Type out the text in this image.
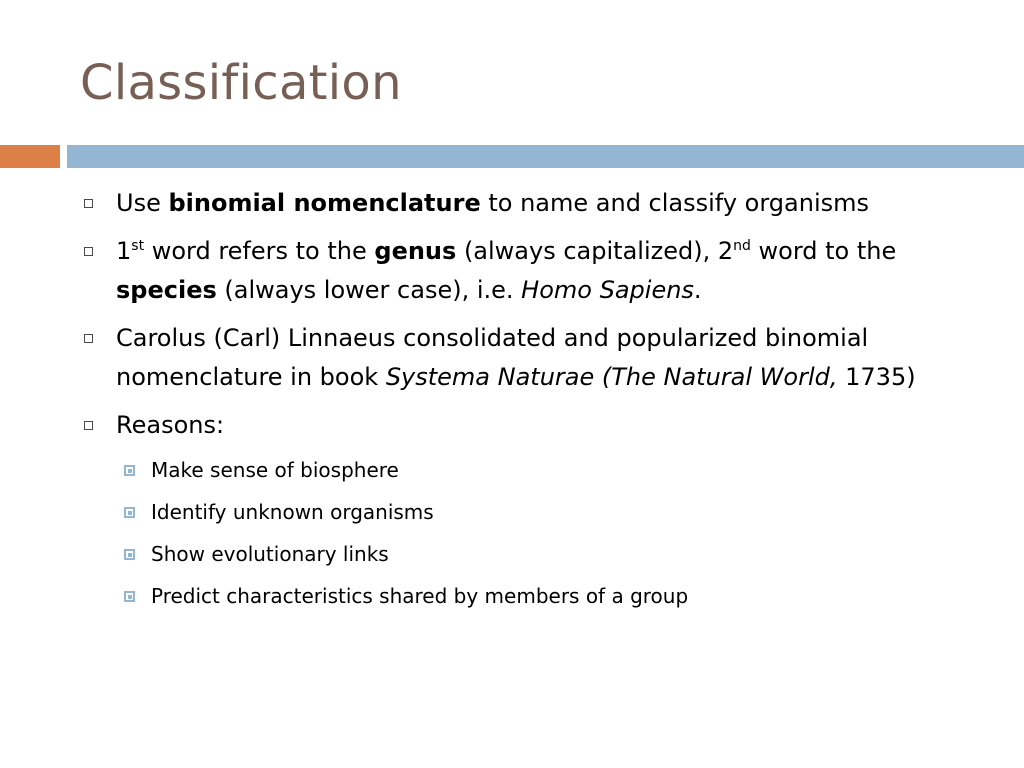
Classification
Use binomial nomenclature to name and classify organisms
1st word refers to the genus (always capitalized), 2nd word to the species (always lower case), i.e. Homo Sapiens.
Carolus (Carl) Linnaeus consolidated and popularized binomial nomenclature in book Systema Naturae (The Natural World, 1735)
Reasons:
Make sense of biosphere
Identify unknown organisms
Show evolutionary links
Predict characteristics shared by members of a group
